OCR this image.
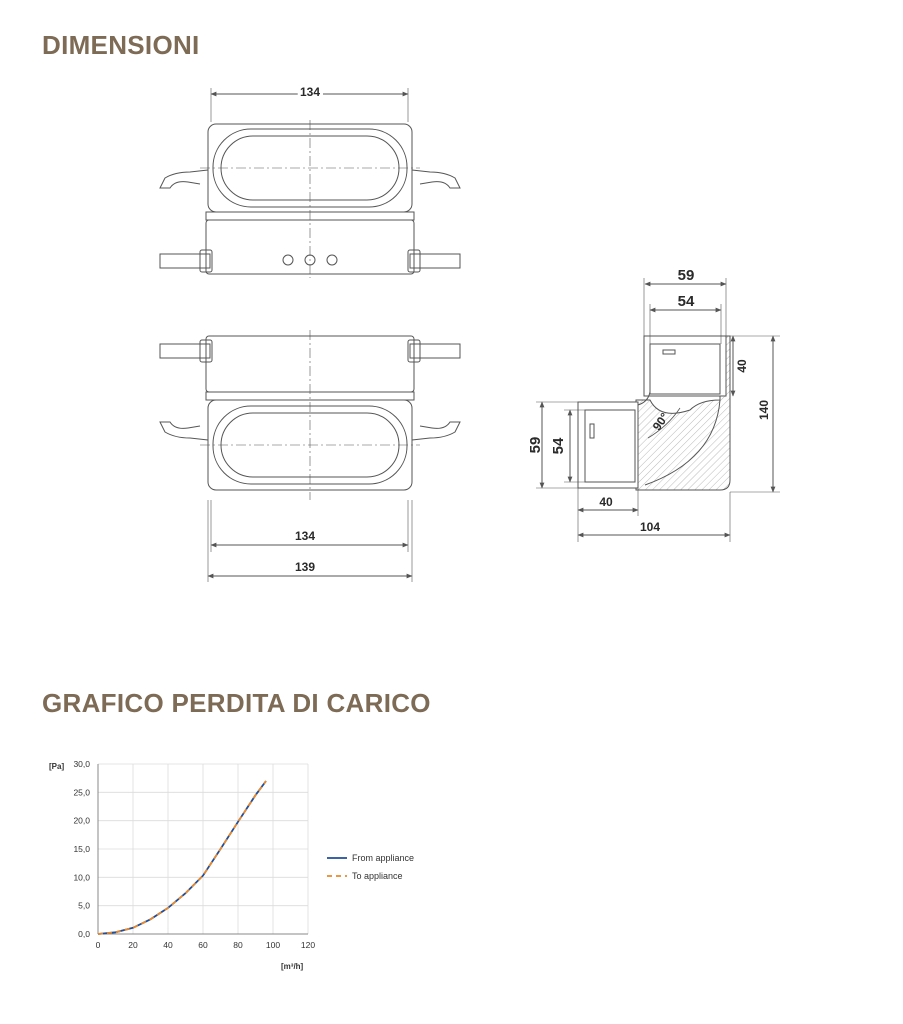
DIMENSIONI
134
134
139
59
54
40
140
59 54
40
104
90°
GRAFICO PERDITA DI CARICO
0	20	40	60	80	100 120
0,0
5,0
10,0
15,0
20,0
25,0
30,0
From appliance
To appliance
[Pa]
[m³/h]
